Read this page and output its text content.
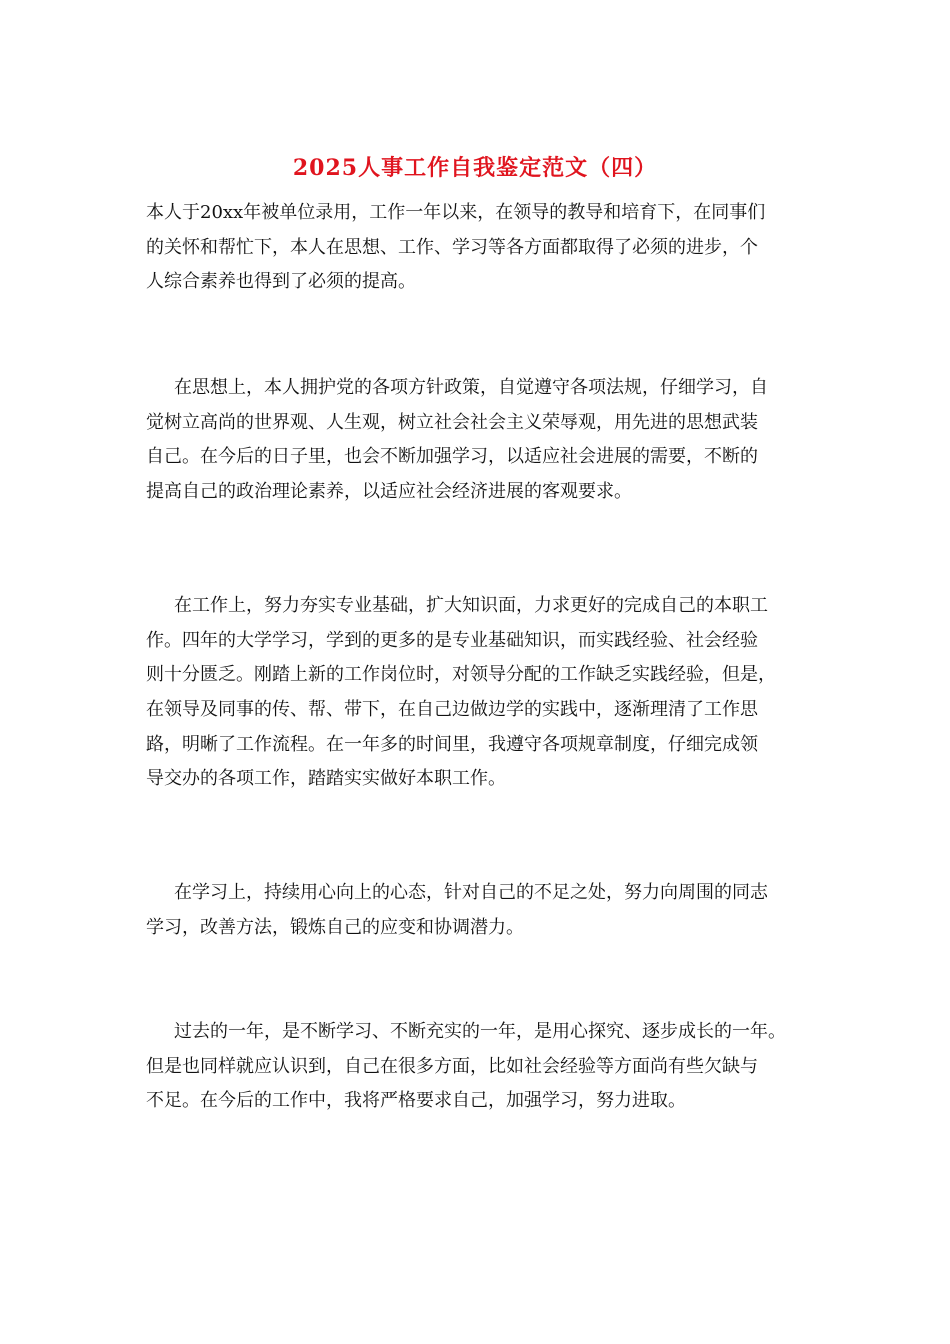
2025人事工作自我鉴定范文（四）
本人于20xx年被单位录用，工作一年以来，在领导的教导和培育下，在同事们
的关怀和帮忙下，本人在思想、工作、学习等各方面都取得了必须的进步，个
人综合素养也得到了必须的提高。
在思想上，本人拥护党的各项方针政策，自觉遵守各项法规，仔细学习，自
觉树立高尚的世界观、人生观，树立社会社会主义荣辱观，用先进的思想武装
自己。在今后的日子里，也会不断加强学习，以适应社会进展的需要，不断的
提高自己的政治理论素养，以适应社会经济进展的客观要求。
在工作上，努力夯实专业基础，扩大知识面，力求更好的完成自己的本职工
作。四年的大学学习，学到的更多的是专业基础知识，而实践经验、社会经验
则十分匮乏。刚踏上新的工作岗位时，对领导分配的工作缺乏实践经验，但是，
在领导及同事的传、帮、带下，在自己边做边学的实践中，逐渐理清了工作思
路，明晰了工作流程。在一年多的时间里，我遵守各项规章制度，仔细完成领
导交办的各项工作，踏踏实实做好本职工作。
在学习上，持续用心向上的心态，针对自己的不足之处，努力向周围的同志
学习，改善方法，锻炼自己的应变和协调潜力。
过去的一年，是不断学习、不断充实的一年，是用心探究、逐步成长的一年。
但是也同样就应认识到，自己在很多方面，比如社会经验等方面尚有些欠缺与
不足。在今后的工作中，我将严格要求自己，加强学习，努力进取。
